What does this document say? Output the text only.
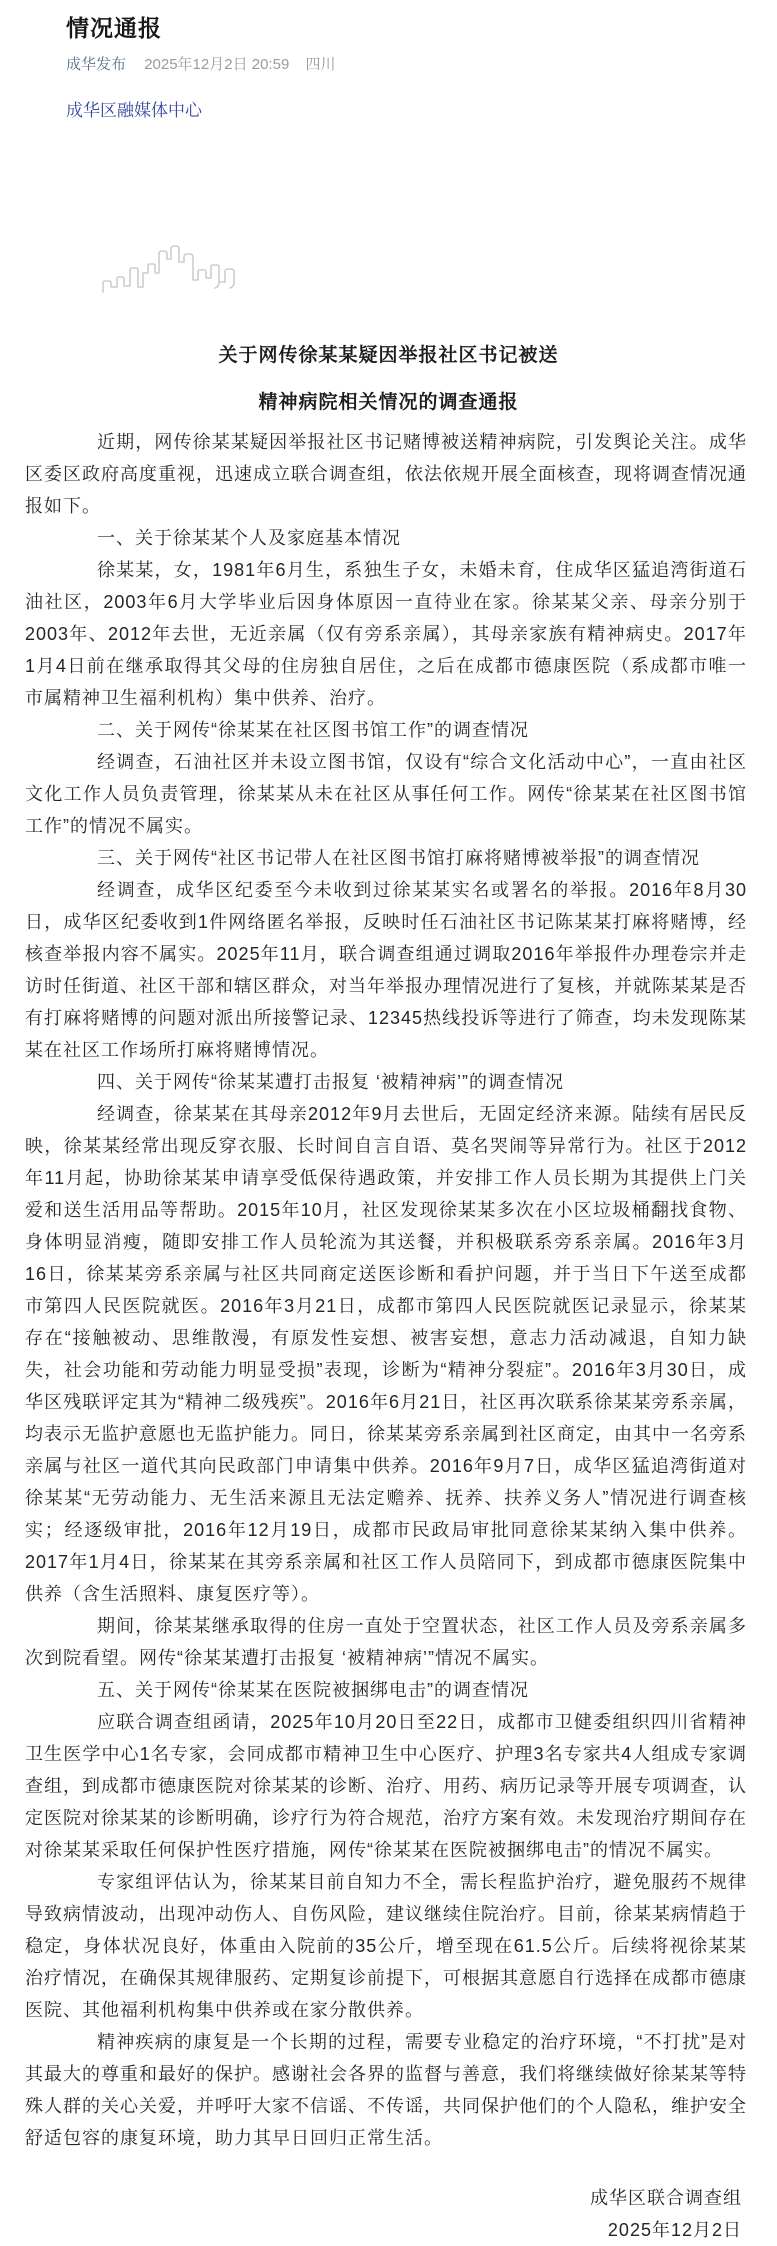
情况通报
成华发布 2025年12月2日 20:59 四川
成华区融媒体中心
关于网传徐某某疑因举报社区书记被送
精神病院相关情况的调查通报

近期，网传徐某某疑因举报社区书记赌博被送精神病院，引发舆论关注。成华区委区政府高度重视，迅速成立联合调查组，依法依规开展全面核查，现将调查情况通报如下。

一、关于徐某某个人及家庭基本情况

徐某某，女，1981年6月生，系独生子女，未婚未育，住成华区猛追湾街道石油社区，2003年6月大学毕业后因身体原因一直待业在家。徐某某父亲、母亲分别于2003年、2012年去世，无近亲属（仅有旁系亲属），其母亲家族有精神病史。2017年1月4日前在继承取得其父母的住房独自居住，之后在成都市德康医院（系成都市唯一市属精神卫生福利机构）集中供养、治疗。

二、关于网传“徐某某在社区图书馆工作”的调查情况

经调查，石油社区并未设立图书馆，仅设有“综合文化活动中心”，一直由社区文化工作人员负责管理，徐某某从未在社区从事任何工作。网传“徐某某在社区图书馆工作”的情况不属实。

三、关于网传“社区书记带人在社区图书馆打麻将赌博被举报”的调查情况

经调查，成华区纪委至今未收到过徐某某实名或署名的举报。2016年8月30日，成华区纪委收到1件网络匿名举报，反映时任石油社区书记陈某某打麻将赌博，经核查举报内容不属实。2025年11月，联合调查组通过调取2016年举报件办理卷宗并走访时任街道、社区干部和辖区群众，对当年举报办理情况进行了复核，并就陈某某是否有打麻将赌博的问题对派出所接警记录、12345热线投诉等进行了筛查，均未发现陈某某在社区工作场所打麻将赌博情况。

四、关于网传“徐某某遭打击报复 ‘被精神病’”的调查情况

经调查，徐某某在其母亲2012年9月去世后，无固定经济来源。陆续有居民反映，徐某某经常出现反穿衣服、长时间自言自语、莫名哭闹等异常行为。社区于2012年11月起，协助徐某某申请享受低保待遇政策，并安排工作人员长期为其提供上门关爱和送生活用品等帮助。2015年10月，社区发现徐某某多次在小区垃圾桶翻找食物、身体明显消瘦，随即安排工作人员轮流为其送餐，并积极联系旁系亲属。2016年3月16日，徐某某旁系亲属与社区共同商定送医诊断和看护问题，并于当日下午送至成都市第四人民医院就医。2016年3月21日，成都市第四人民医院就医记录显示，徐某某存在“接触被动、思维散漫，有原发性妄想、被害妄想，意志力活动减退，自知力缺失，社会功能和劳动能力明显受损”表现，诊断为“精神分裂症”。2016年3月30日，成华区残联评定其为“精神二级残疾”。2016年6月21日，社区再次联系徐某某旁系亲属，均表示无监护意愿也无监护能力。同日，徐某某旁系亲属到社区商定，由其中一名旁系亲属与社区一道代其向民政部门申请集中供养。2016年9月7日，成华区猛追湾街道对徐某某“无劳动能力、无生活来源且无法定赡养、抚养、扶养义务人”情况进行调查核实；经逐级审批，2016年12月19日，成都市民政局审批同意徐某某纳入集中供养。2017年1月4日，徐某某在其旁系亲属和社区工作人员陪同下，到成都市德康医院集中供养（含生活照料、康复医疗等）。

期间，徐某某继承取得的住房一直处于空置状态，社区工作人员及旁系亲属多次到院看望。网传“徐某某遭打击报复 ‘被精神病’”情况不属实。

五、关于网传“徐某某在医院被捆绑电击”的调查情况

应联合调查组函请，2025年10月20日至22日，成都市卫健委组织四川省精神卫生医学中心1名专家，会同成都市精神卫生中心医疗、护理3名专家共4人组成专家调查组，到成都市德康医院对徐某某的诊断、治疗、用药、病历记录等开展专项调查，认定医院对徐某某的诊断明确，诊疗行为符合规范，治疗方案有效。未发现治疗期间存在对徐某某采取任何保护性医疗措施，网传“徐某某在医院被捆绑电击”的情况不属实。

专家组评估认为，徐某某目前自知力不全，需长程监护治疗，避免服药不规律导致病情波动，出现冲动伤人、自伤风险，建议继续住院治疗。目前，徐某某病情趋于稳定，身体状况良好，体重由入院前的35公斤，增至现在61.5公斤。后续将视徐某某治疗情况，在确保其规律服药、定期复诊前提下，可根据其意愿自行选择在成都市德康医院、其他福利机构集中供养或在家分散供养。

精神疾病的康复是一个长期的过程，需要专业稳定的治疗环境，“不打扰”是对其最大的尊重和最好的保护。感谢社会各界的监督与善意，我们将继续做好徐某某等特殊人群的关心关爱，并呼吁大家不信谣、不传谣，共同保护他们的个人隐私，维护安全舒适包容的康复环境，助力其早日回归正常生活。

成华区联合调查组
2025年12月2日
